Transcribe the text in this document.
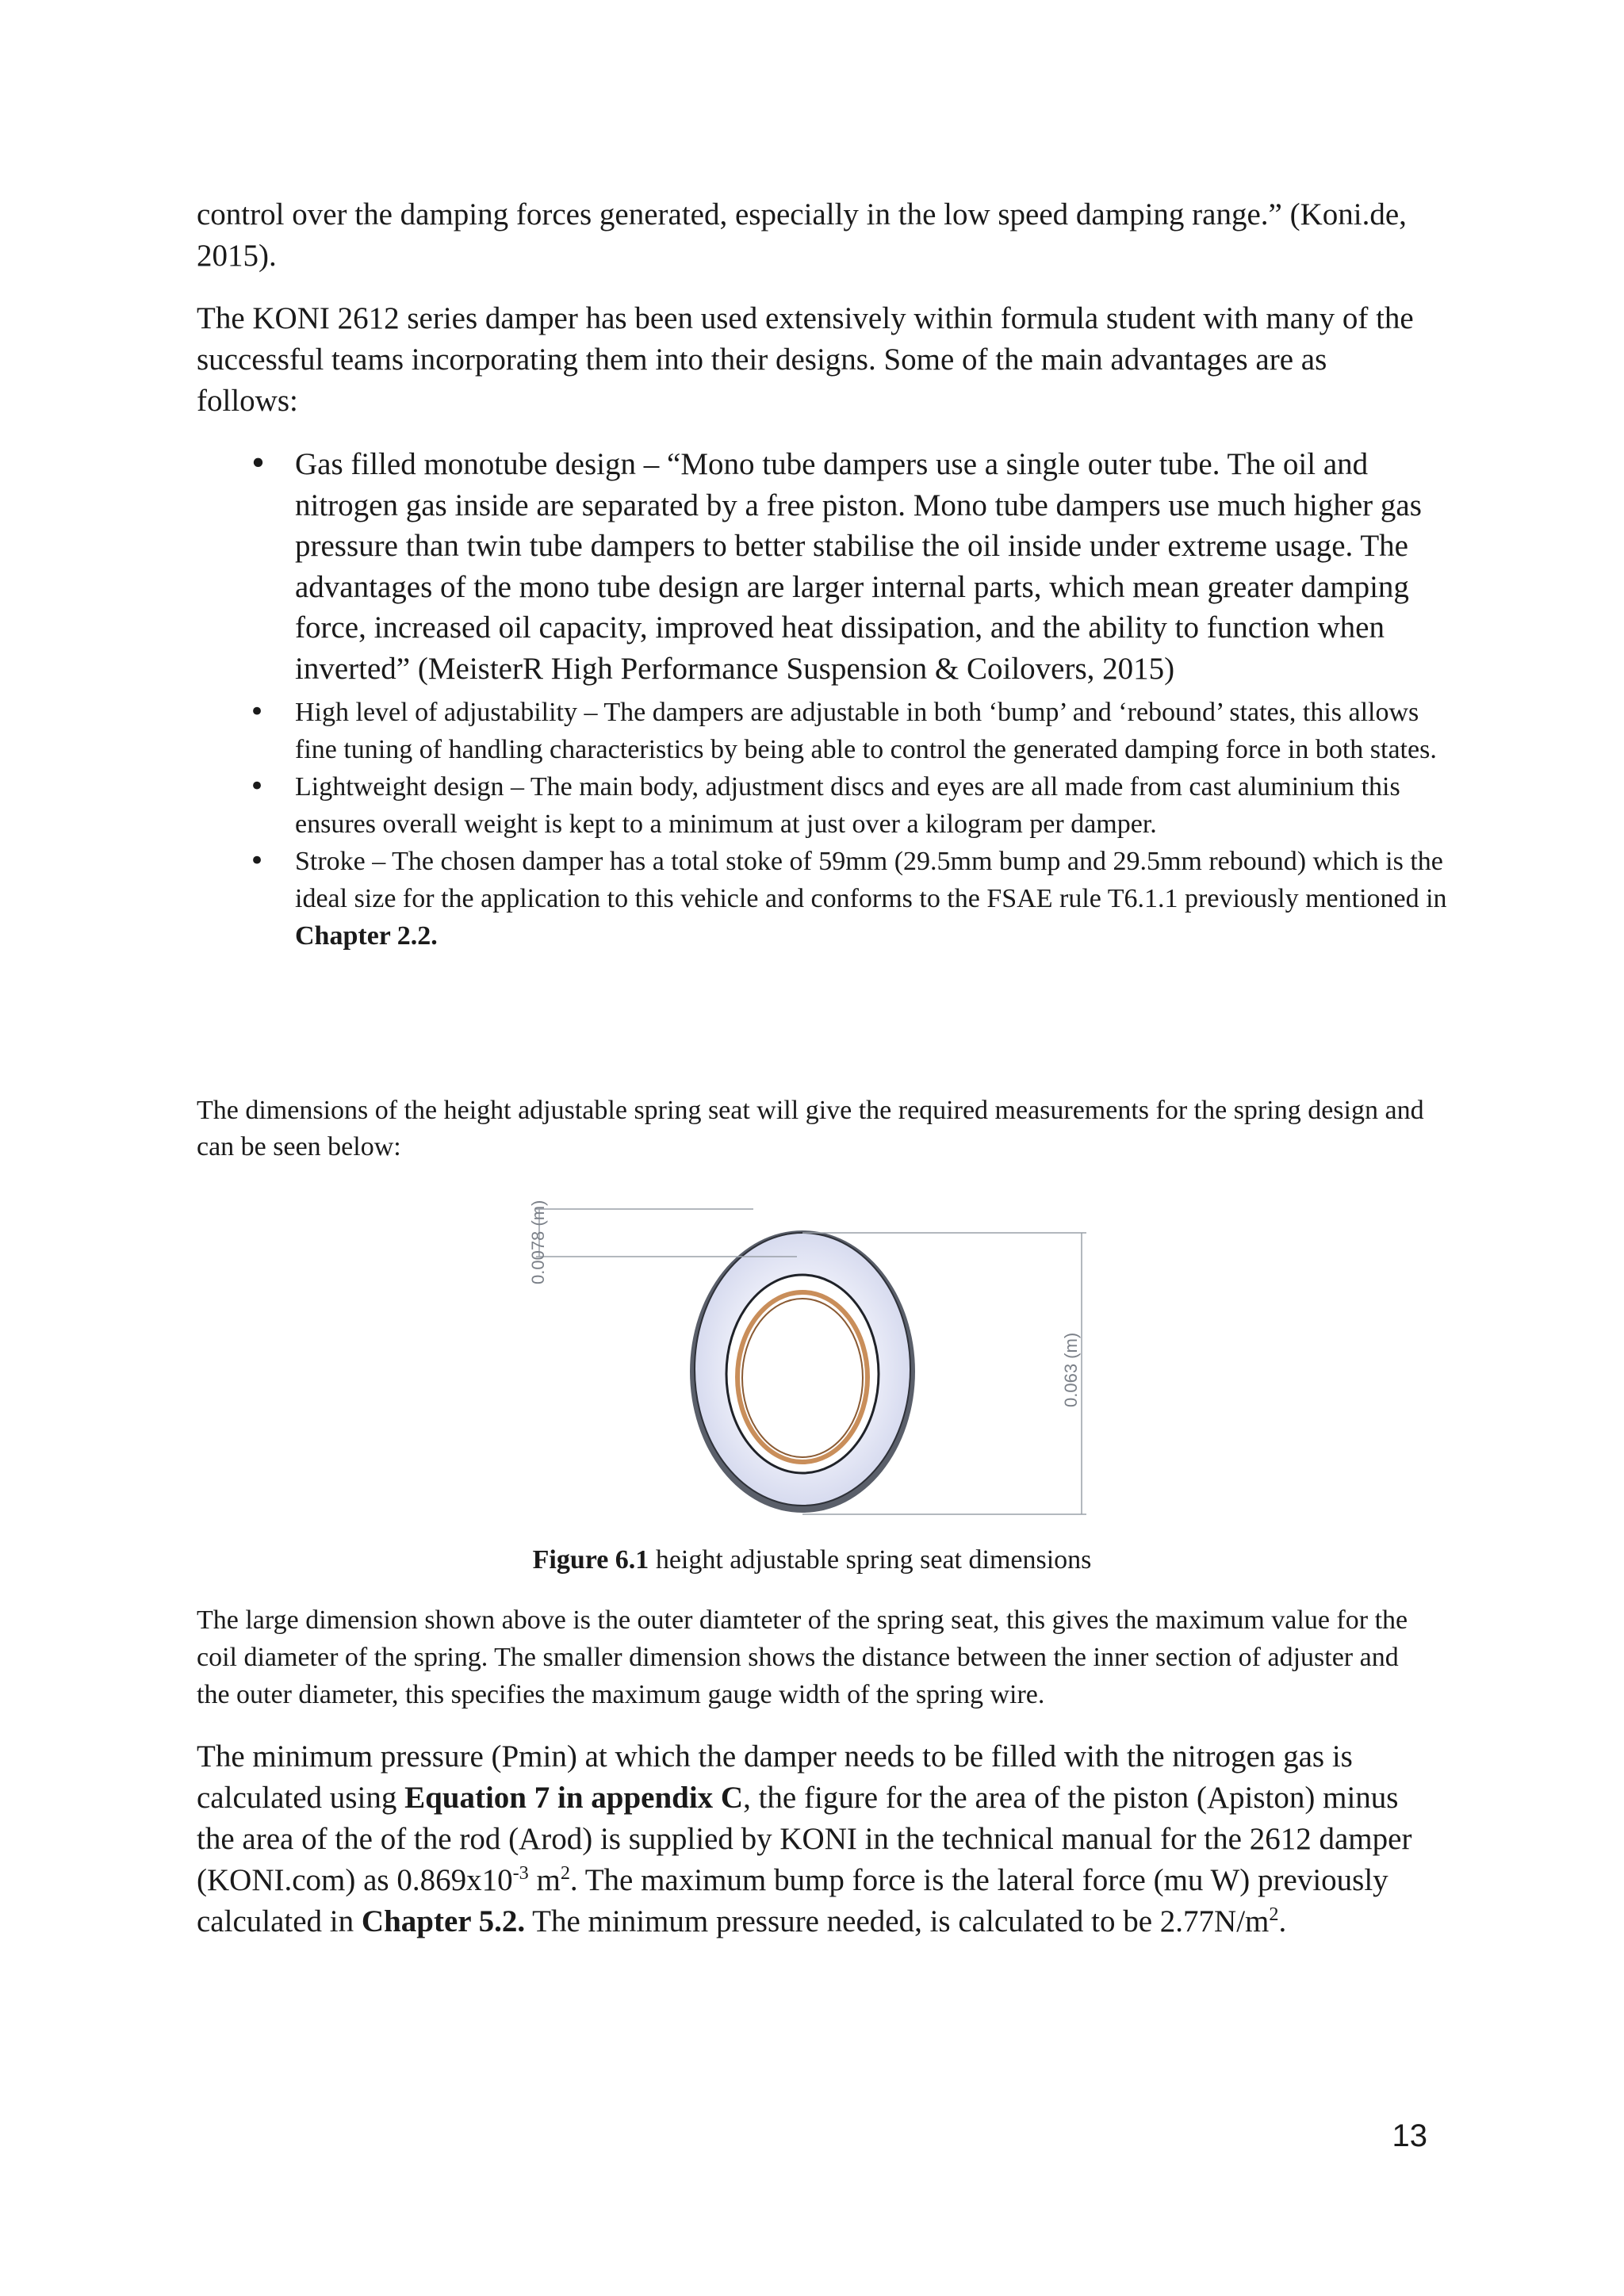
control over the damping forces generated, especially in the low speed damping range.” (Koni.de, 2015).

The KONI 2612 series damper has been used extensively within formula student with many of the successful teams incorporating them into their designs. Some of the main advantages are as follows:

• Gas filled monotube design – “Mono tube dampers use a single outer tube. The oil and nitrogen gas inside are separated by a free piston. Mono tube dampers use much higher gas pressure than twin tube dampers to better stabilise the oil inside under extreme usage. The advantages of the mono tube design are larger internal parts, which mean greater damping force, increased oil capacity, improved heat dissipation, and the ability to function when inverted” (MeisterR High Performance Suspension & Coilovers, 2015)
• High level of adjustability – The dampers are adjustable in both ‘bump’ and ‘rebound’ states, this allows fine tuning of handling characteristics by being able to control the generated damping force in both states.
• Lightweight design – The main body, adjustment discs and eyes are all made from cast aluminium this ensures overall weight is kept to a minimum at just over a kilogram per damper.
• Stroke – The chosen damper has a total stoke of 59mm (29.5mm bump and 29.5mm rebound) which is the ideal size for the application to this vehicle and conforms to the FSAE rule T6.1.1 previously mentioned in Chapter 2.2.

The dimensions of the height adjustable spring seat will give the required measurements for the spring design and can be seen below:

0.0078 (m)
0.063 (m)
Figure 6.1 height adjustable spring seat dimensions

The large dimension shown above is the outer diamteter of the spring seat, this gives the maximum value for the coil diameter of the spring. The smaller dimension shows the distance between the inner section of adjuster and the outer diameter, this specifies the maximum gauge width of the spring wire.

The minimum pressure (Pmin) at which the damper needs to be filled with the nitrogen gas is calculated using Equation 7 in appendix C, the figure for the area of the piston (Apiston) minus the area of the of the rod (Arod) is supplied by KONI in the technical manual for the 2612 damper (KONI.com) as $0.869x10^{-3}$ $m^2$. The maximum bump force is the lateral force (mu W) previously calculated in Chapter 5.2. The minimum pressure needed, is calculated to be $2.77N/m^2$.

13
